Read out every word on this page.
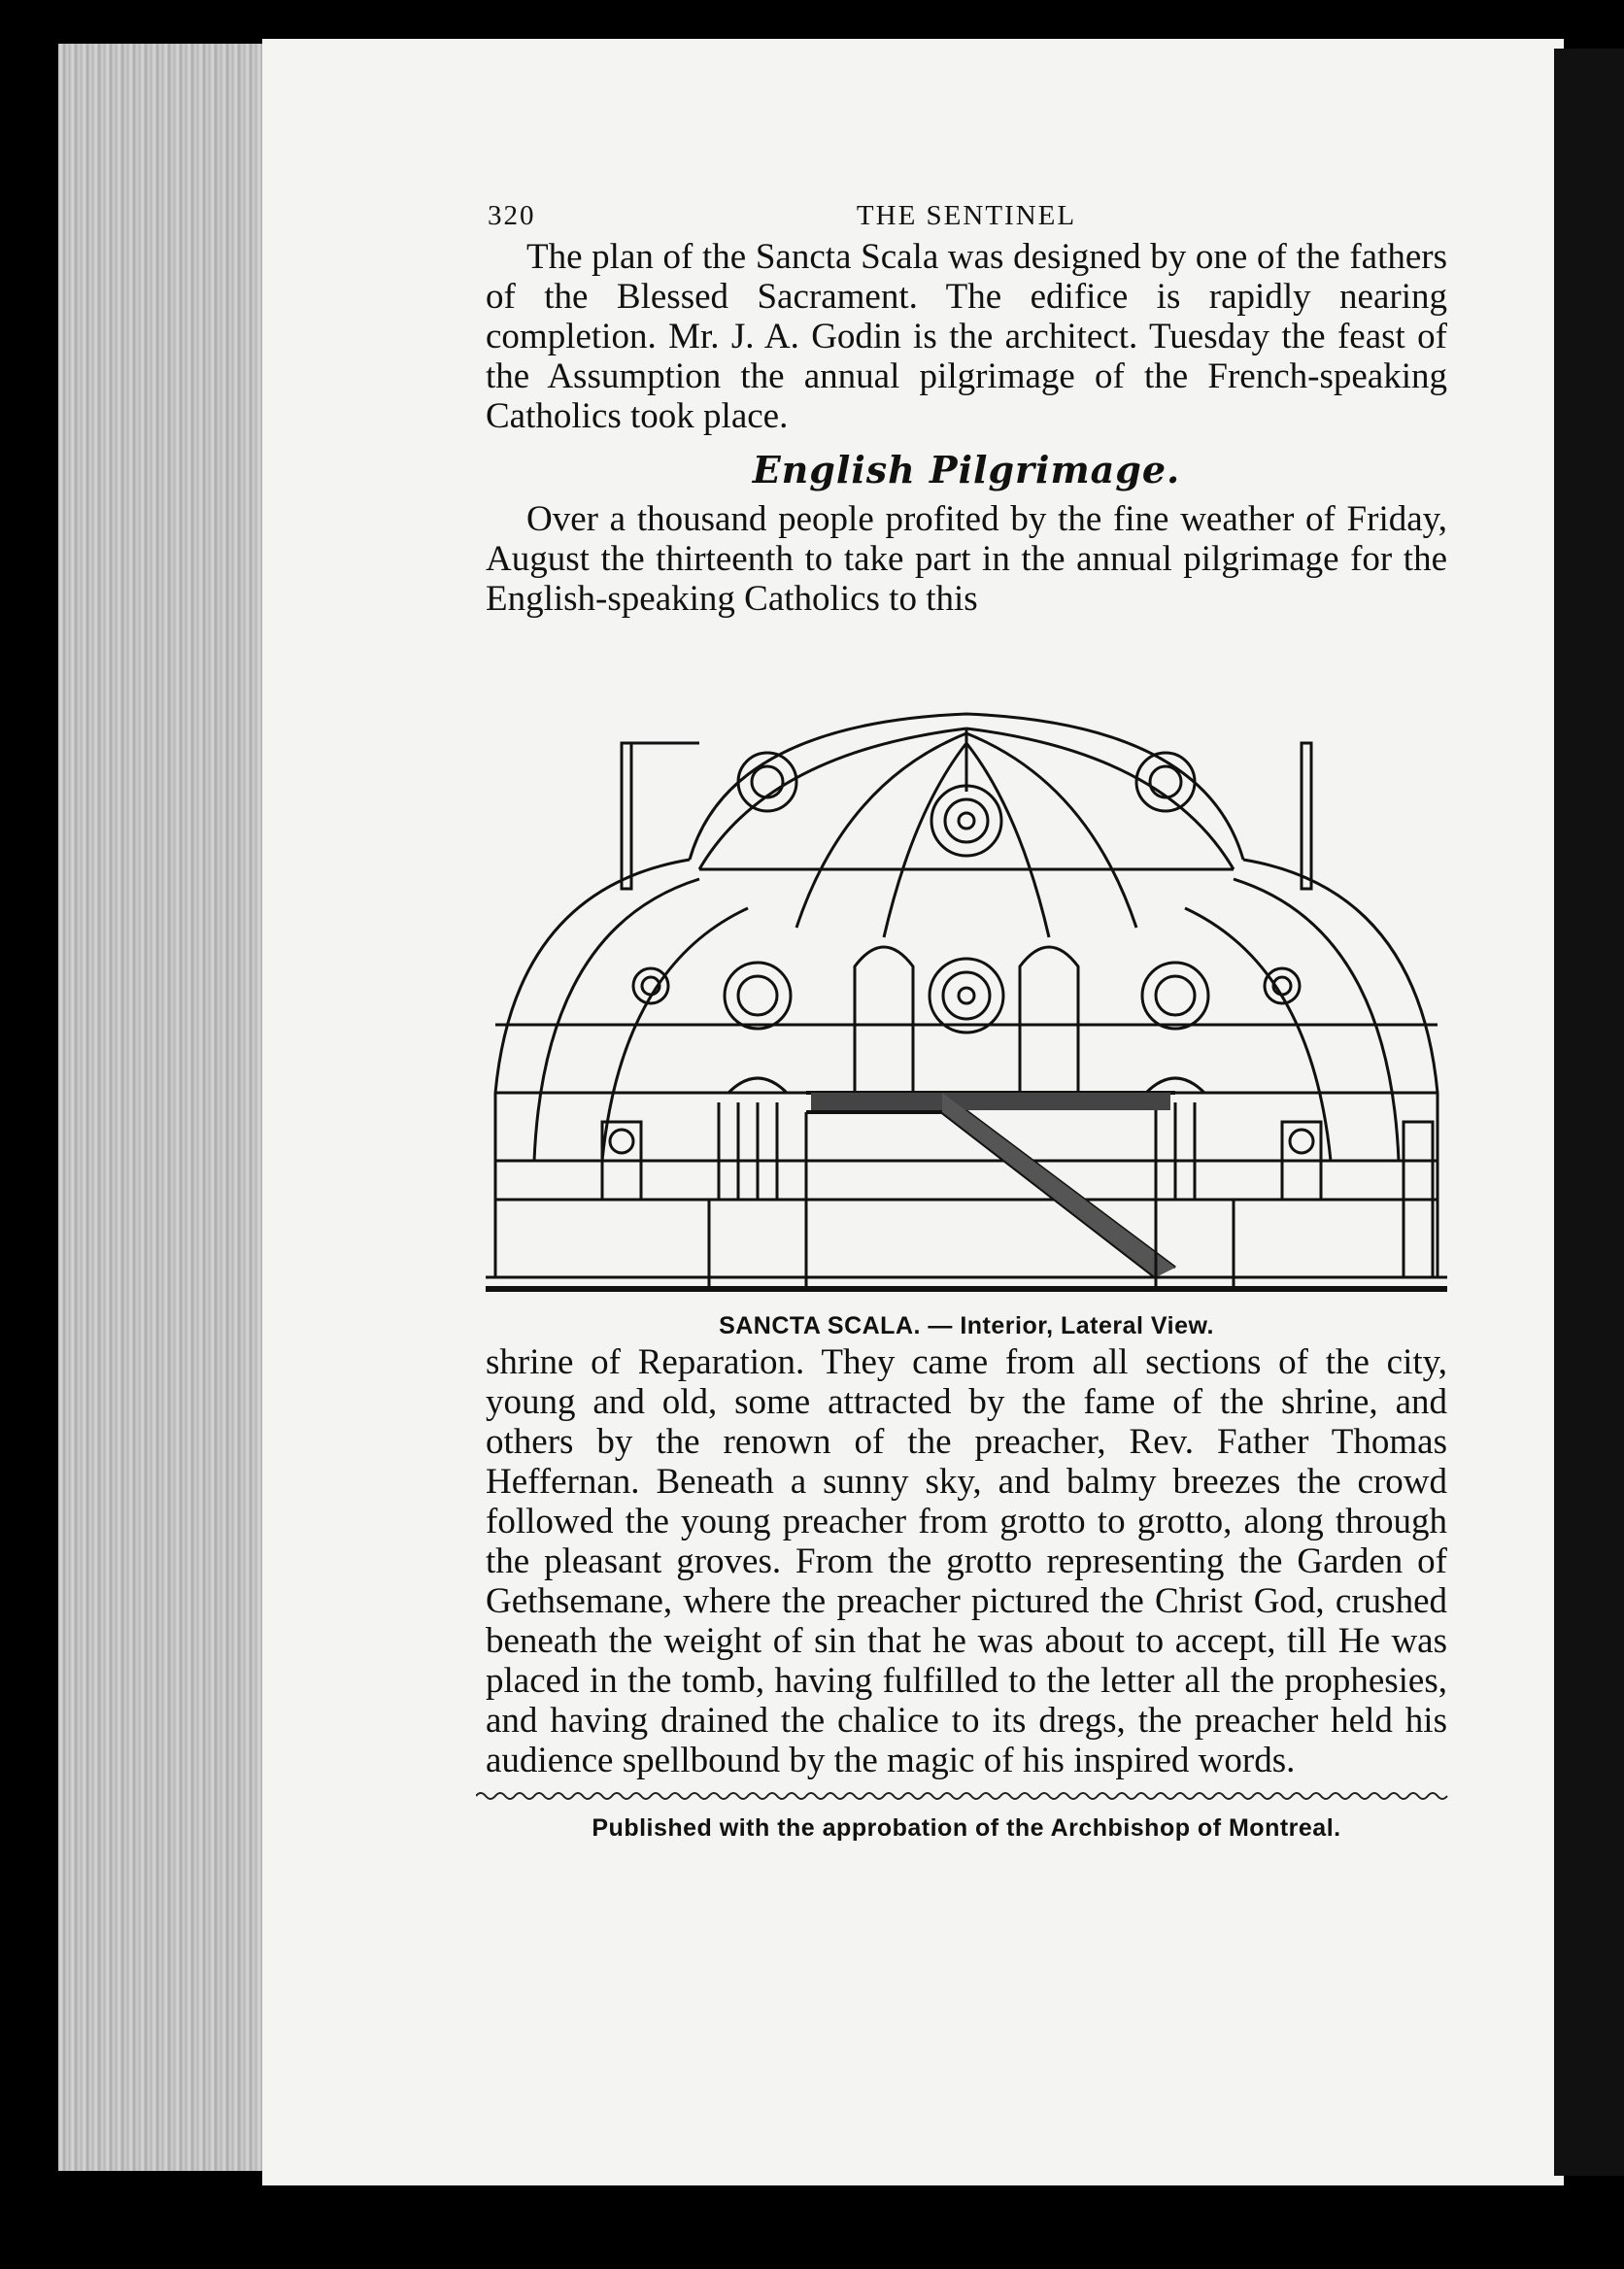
320	THE SENTINEL

The plan of the Sancta Scala was designed by one of the fathers of the Blessed Sacrament. The edifice is rapidly nearing completion. Mr. J. A. Godin is the architect. Tuesday the feast of the Assumption the annual pilgrimage of the French-speaking Catholics took place.

English Pilgrimage.

Over a thousand people profited by the fine weather of Friday, August the thirteenth to take part in the annual pilgrimage for the English-speaking Catholics to this

SANCTA SCALA. — Interior, Lateral View.

shrine of Reparation. They came from all sections of the city, young and old, some attracted by the fame of the shrine, and others by the renown of the preacher, Rev. Father Thomas Heffernan. Beneath a sunny sky, and balmy breezes the crowd followed the young preacher from grotto to grotto, along through the pleasant groves. From the grotto representing the Garden of Gethsemane, where the preacher pictured the Christ God, crushed beneath the weight of sin that he was about to accept, till He was placed in the tomb, having fulfilled to the letter all the prophesies, and having drained the chalice to its dregs, the preacher held his audience spellbound by the magic of his inspired words.

Published with the approbation of the Archbishop of Montreal.
